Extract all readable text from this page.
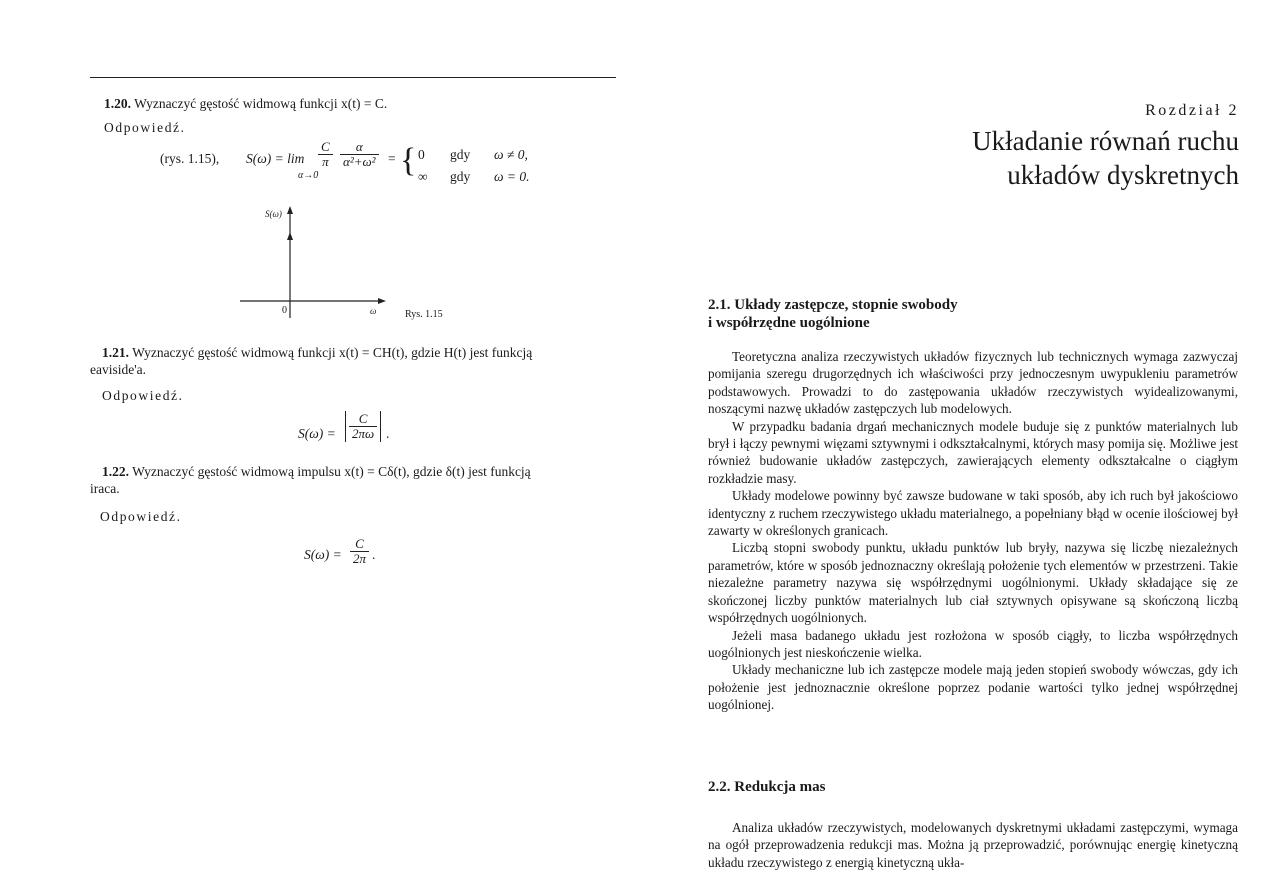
1.20. Wyznaczyć gęstość widmową funkcji x(t) = C.
Odpowiedź.
(rys. 1.15), S(ω) = lim
α→0
$\frac{C}{\pi} \frac{\alpha}{\text{α²+ω²}}$ = { 0 gdy ω ≠ 0,
∞ gdy ω = 0.
S(ω)
0	ω	Rys. 1.15
1.21. Wyznaczyć gęstość widmową funkcji x(t) = CH(t), gdzie H(t) jest funkcją
eaviside'a.
Odpowiedź.
$S(\omega) = \frac{C}{2\pi\omega}$ .
1.22. Wyznaczyć gęstość widmową impulsu x(t) = Cδ(t), gdzie δ(t) jest funkcją
iraca.
Odpowiedź.
$S(\omega) = \frac{C}{2\pi}$ .
Rozdział 2
Układanie równań ruchu
układów dyskretnych
2.1. Układy zastępcze, stopnie swobody
i współrzędne uogólnione

Teoretyczna analiza rzeczywistych układów fizycznych lub technicznych wymaga zazwyczaj pomijania szeregu drugorzędnych ich właściwości przy jednoczesnym uwypukleniu parametrów podstawowych. Prowadzi to do zastępowania układów rzeczywistych wyidealizowanymi, noszącymi nazwę układów zastępczych lub modelowych.

W przypadku badania drgań mechanicznych modele buduje się z punktów materialnych lub brył i łączy pewnymi więzami sztywnymi i odkształcalnymi, których masy pomija się. Możliwe jest również budowanie układów zastępczych, zawierających elementy odkształcalne o ciągłym rozkładzie masy.

Układy modelowe powinny być zawsze budowane w taki sposób, aby ich ruch był jakościowo identyczny z ruchem rzeczywistego układu materialnego, a popełniany błąd w ocenie ilościowej był zawarty w określonych granicach.

Liczbą stopni swobody punktu, układu punktów lub bryły, nazywa się liczbę niezależnych parametrów, które w sposób jednoznaczny określają położenie tych elementów w przestrzeni. Takie niezależne parametry nazywa się współrzędnymi uogólnionymi. Układy składające się ze skończonej liczby punktów materialnych lub ciał sztywnych opisywane są skończoną liczbą współrzędnych uogólnionych.

Jeżeli masa badanego układu jest rozłożona w sposób ciągły, to liczba współrzędnych uogólnionych jest nieskończenie wielka.

Układy mechaniczne lub ich zastępcze modele mają jeden stopień swobody wówczas, gdy ich położenie jest jednoznacznie określone poprzez podanie wartości tylko jednej współrzędnej uogólnionej.

2.2. Redukcja mas

Analiza układów rzeczywistych, modelowanych dyskretnymi układami zastępczymi, wymaga na ogół przeprowadzenia redukcji mas. Można ją przeprowadzić, porównując energię kinetyczną układu rzeczywistego z energią kinetyczną ukła-
